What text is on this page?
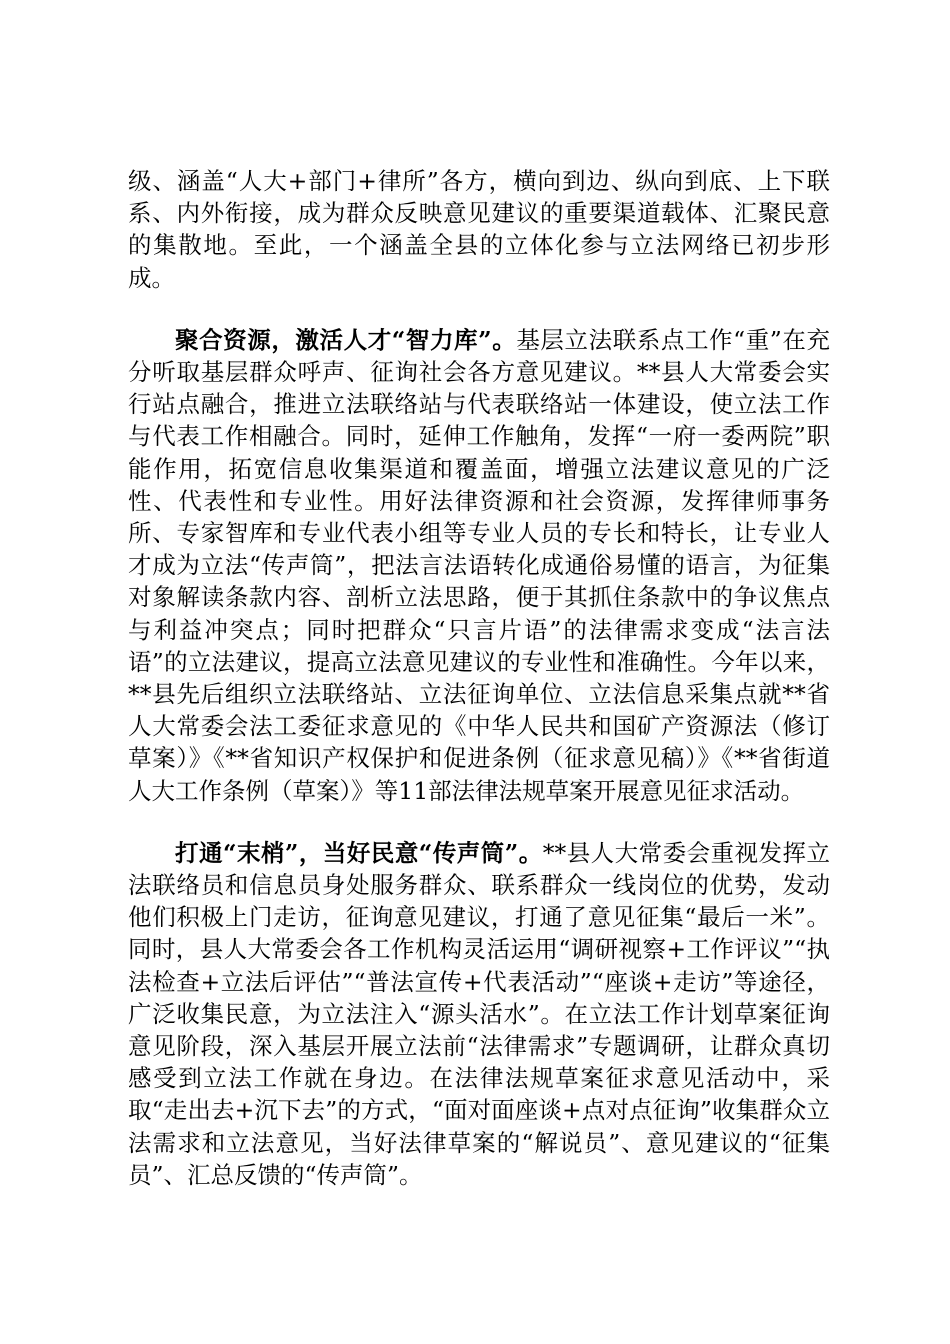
级、涵盖“人大+部门+律所”各方，横向到边、纵向到底、上下联系、内外衔接，成为群众反映意见建议的重要渠道载体、汇聚民意的集散地。至此，一个涵盖全县的立体化参与立法网络已初步形成。

聚合资源，激活人才“智力库”。基层立法联系点工作“重”在充分听取基层群众呼声、征询社会各方意见建议。**县人大常委会实行站点融合，推进立法联络站与代表联络站一体建设，使立法工作与代表工作相融合。同时，延伸工作触角，发挥“一府一委两院”职能作用，拓宽信息收集渠道和覆盖面，增强立法建议意见的广泛性、代表性和专业性。用好法律资源和社会资源，发挥律师事务所、专家智库和专业代表小组等专业人员的专长和特长，让专业人才成为立法“传声筒”，把法言法语转化成通俗易懂的语言，为征集对象解读条款内容、剖析立法思路，便于其抓住条款中的争议焦点与利益冲突点；同时把群众“只言片语”的法律需求变成“法言法语”的立法建议，提高立法意见建议的专业性和准确性。今年以来，**县先后组织立法联络站、立法征询单位、立法信息采集点就**省人大常委会法工委征求意见的《中华人民共和国矿产资源法（修订草案）》《**省知识产权保护和促进条例（征求意见稿）》《**省街道人大工作条例（草案）》等11部法律法规草案开展意见征求活动。

打通“末梢”，当好民意“传声筒”。**县人大常委会重视发挥立法联络员和信息员身处服务群众、联系群众一线岗位的优势，发动他们积极上门走访，征询意见建议，打通了意见征集“最后一米”。同时，县人大常委会各工作机构灵活运用“调研视察+工作评议”“执法检查+立法后评估”“普法宣传+代表活动”“座谈+走访”等途径，广泛收集民意，为立法注入“源头活水”。在立法工作计划草案征询意见阶段，深入基层开展立法前“法律需求”专题调研，让群众真切感受到立法工作就在身边。在法律法规草案征求意见活动中，采取“走出去+沉下去”的方式，“面对面座谈+点对点征询”收集群众立法需求和立法意见，当好法律草案的“解说员”、意见建议的“征集员”、汇总反馈的“传声筒”。
